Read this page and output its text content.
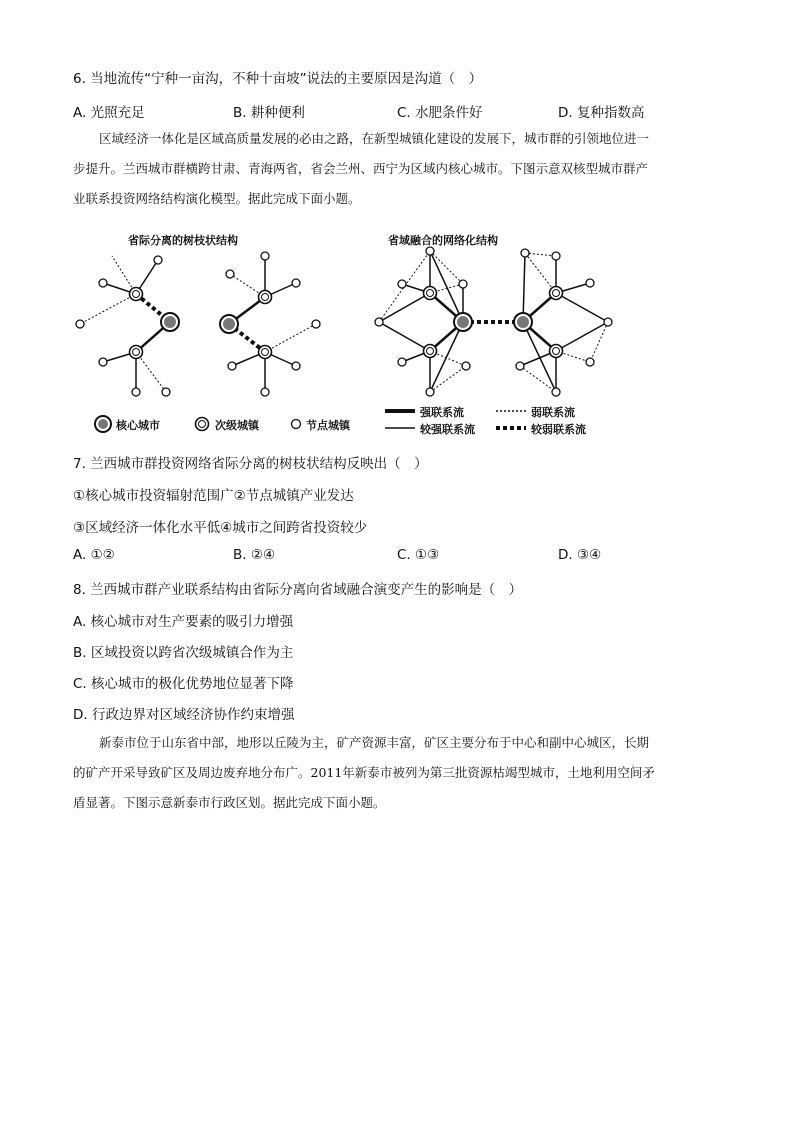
6. 当地流传“宁种一亩沟，不种十亩坡”说法的主要原因是沟道（　）
A. 光照充足	B. 耕种便利	C. 水肥条件好	D. 复种指数高
区域经济一体化是区域高质量发展的必由之路，在新型城镇化建设的发展下，城市群的引领地位进一
步提升。兰西城市群横跨甘肃、青海两省，省会兰州、西宁为区域内核心城市。下图示意双核型城市群产
业联系投资网络结构演化模型。据此完成下面小题。
省际分离的树枝状结构	省域融合的网络化结构
核心城市	次级城镇	节点城镇
强联系流
较强联系流
弱联系流
较弱联系流
7. 兰西城市群投资网络省际分离的树枝状结构反映出（　）
①核心城市投资辐射范围广②节点城镇产业发达
③区域经济一体化水平低④城市之间跨省投资较少
A. ①②	B. ②④	C. ①③	D. ③④
8. 兰西城市群产业联系结构由省际分离向省域融合演变产生的影响是（　）
A. 核心城市对生产要素的吸引力增强
B. 区域投资以跨省次级城镇合作为主
C. 核心城市的极化优势地位显著下降
D. 行政边界对区域经济协作约束增强
新泰市位于山东省中部，地形以丘陵为主，矿产资源丰富，矿区主要分布于中心和副中心城区，长期
的矿产开采导致矿区及周边废弃地分布广。2011年新泰市被列为第三批资源枯竭型城市，土地利用空间矛
盾显著。下图示意新泰市行政区划。据此完成下面小题。
